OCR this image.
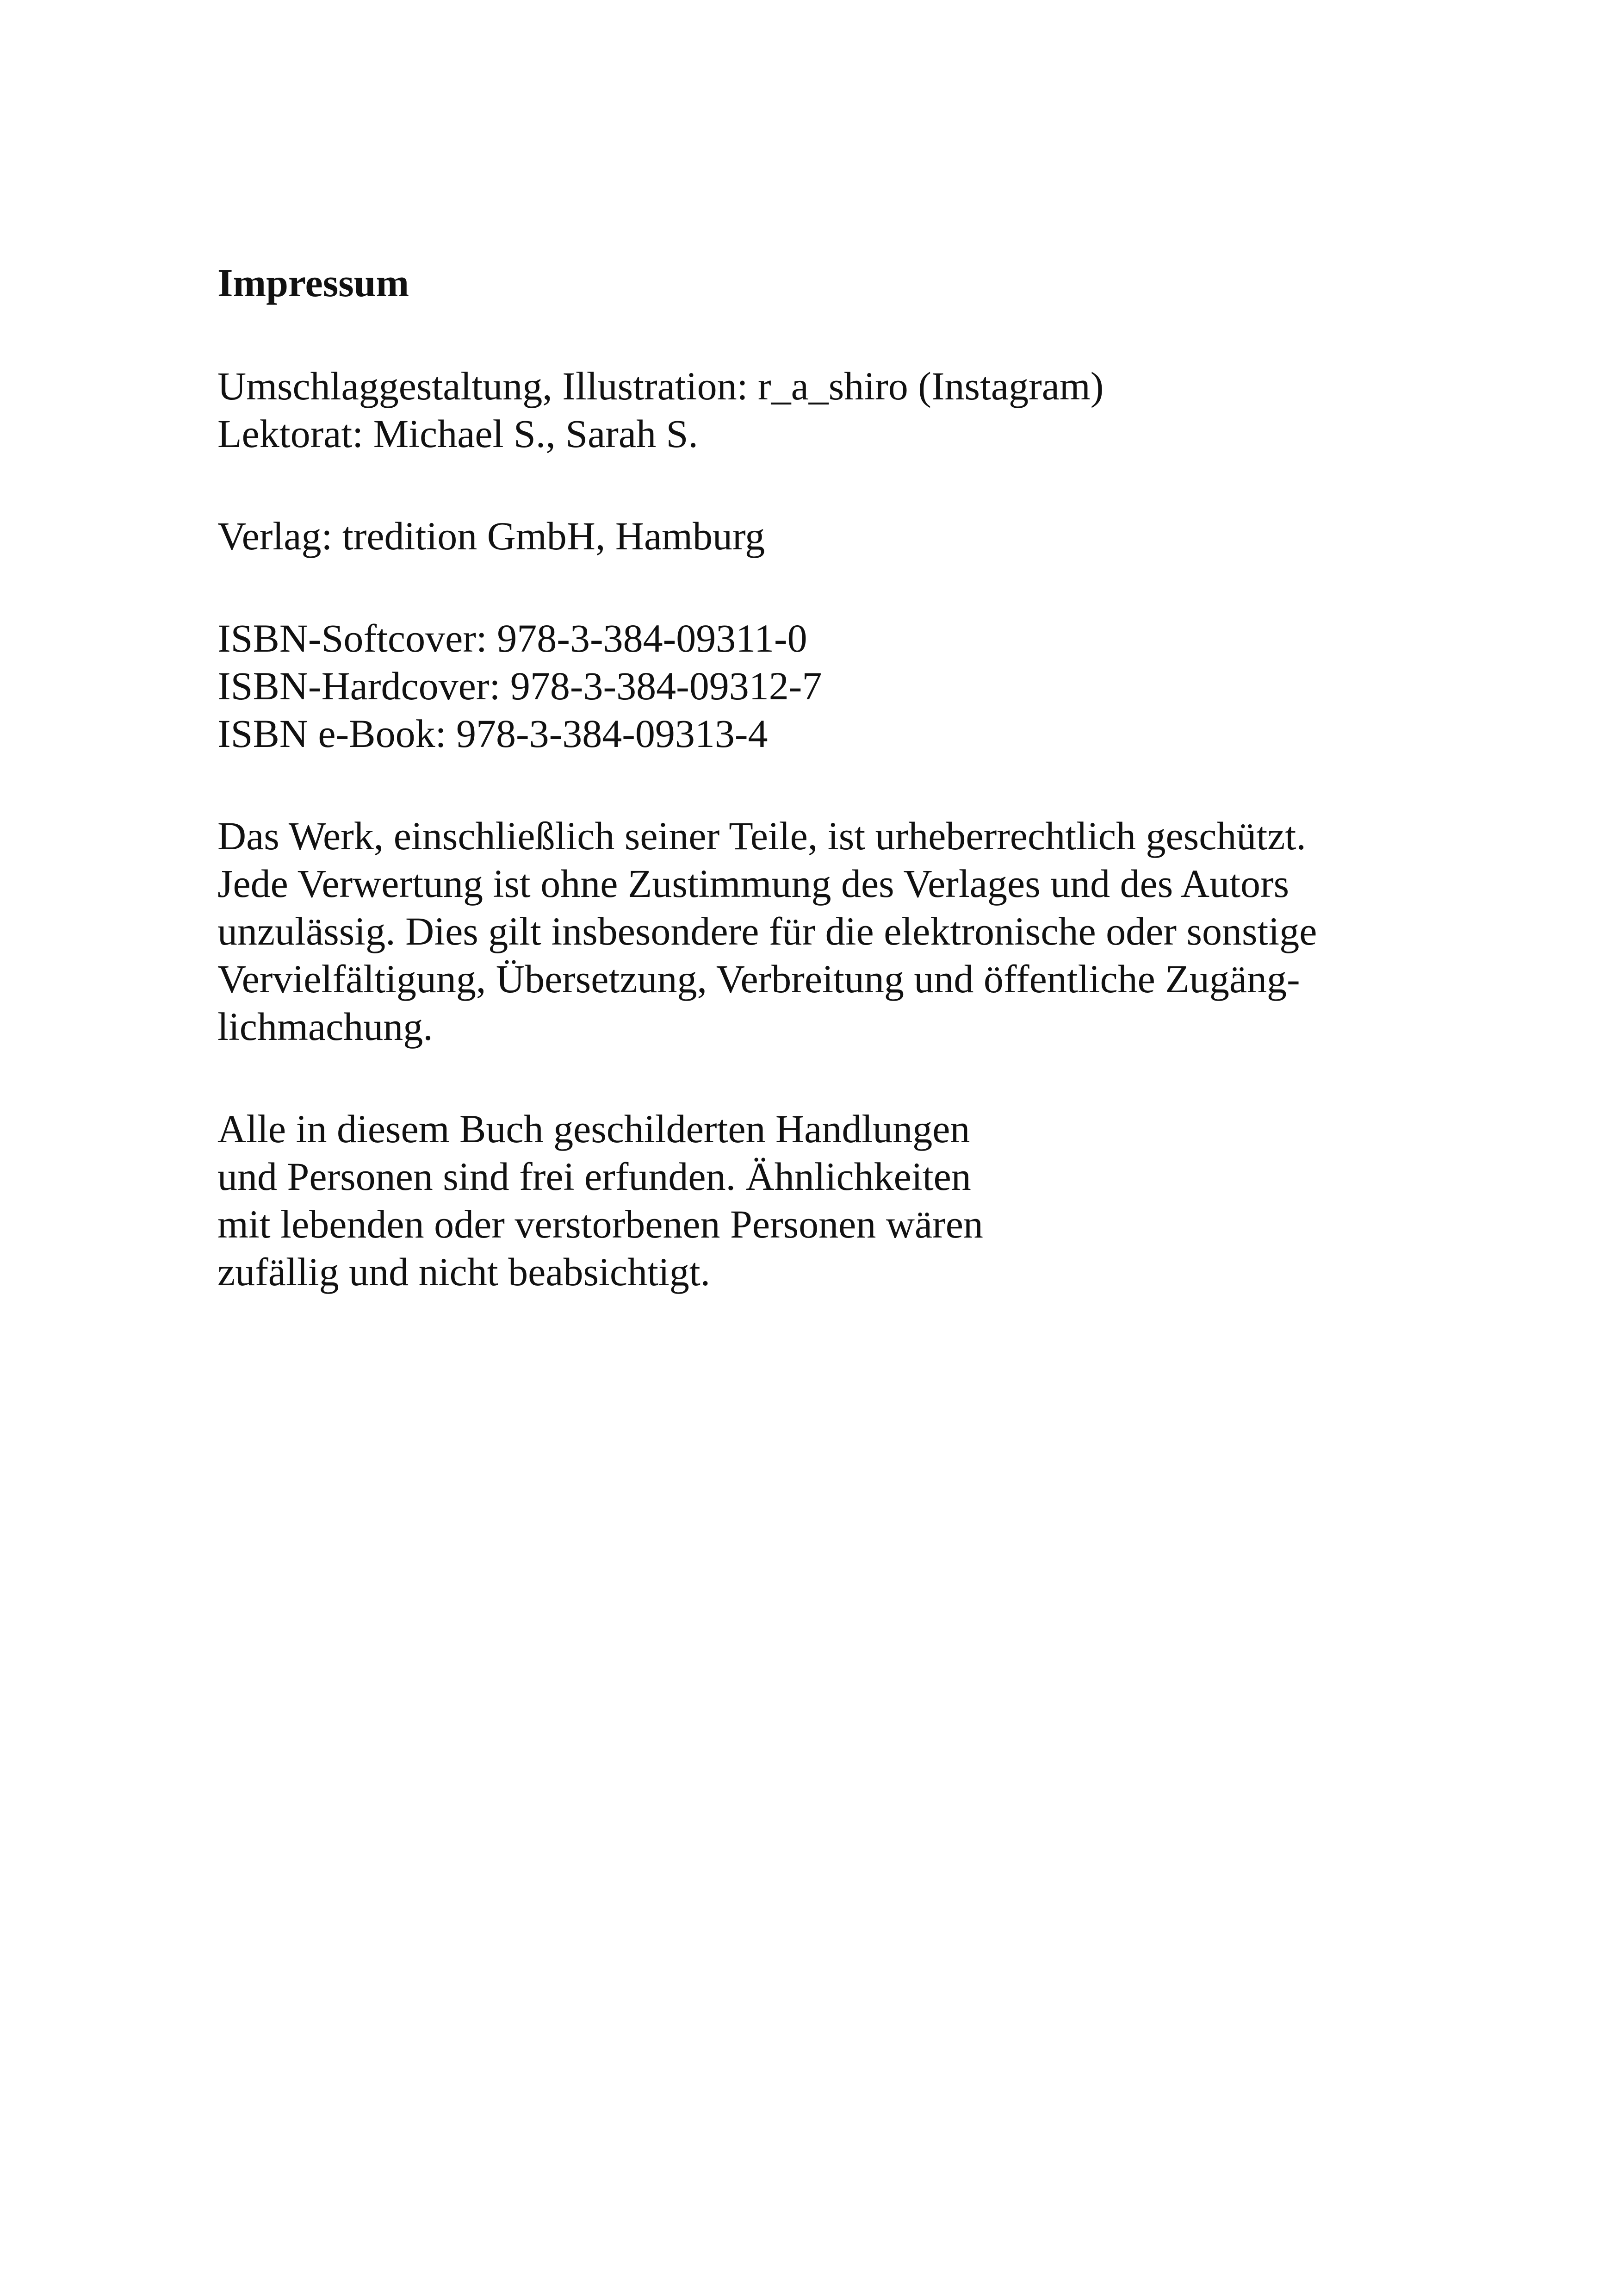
Impressum

Umschlaggestaltung, Illustration: r_a_shiro (Instagram)
Lektorat: Michael S., Sarah S.

Verlag: tredition GmbH, Hamburg

ISBN-Softcover: 978-3-384-09311-0
ISBN-Hardcover: 978-3-384-09312-7
ISBN e-Book: 978-3-384-09313-4

Das Werk, einschließlich seiner Teile, ist urheberrechtlich geschützt.
Jede Verwertung ist ohne Zustimmung des Verlages und des Autors
unzulässig. Dies gilt insbesondere für die elektronische oder sonstige
Vervielfältigung, Übersetzung, Verbreitung und öffentliche Zugäng-
lichmachung.

Alle in diesem Buch geschilderten Handlungen
und Personen sind frei erfunden. Ähnlichkeiten
mit lebenden oder verstorbenen Personen wären
zufällig und nicht beabsichtigt.
